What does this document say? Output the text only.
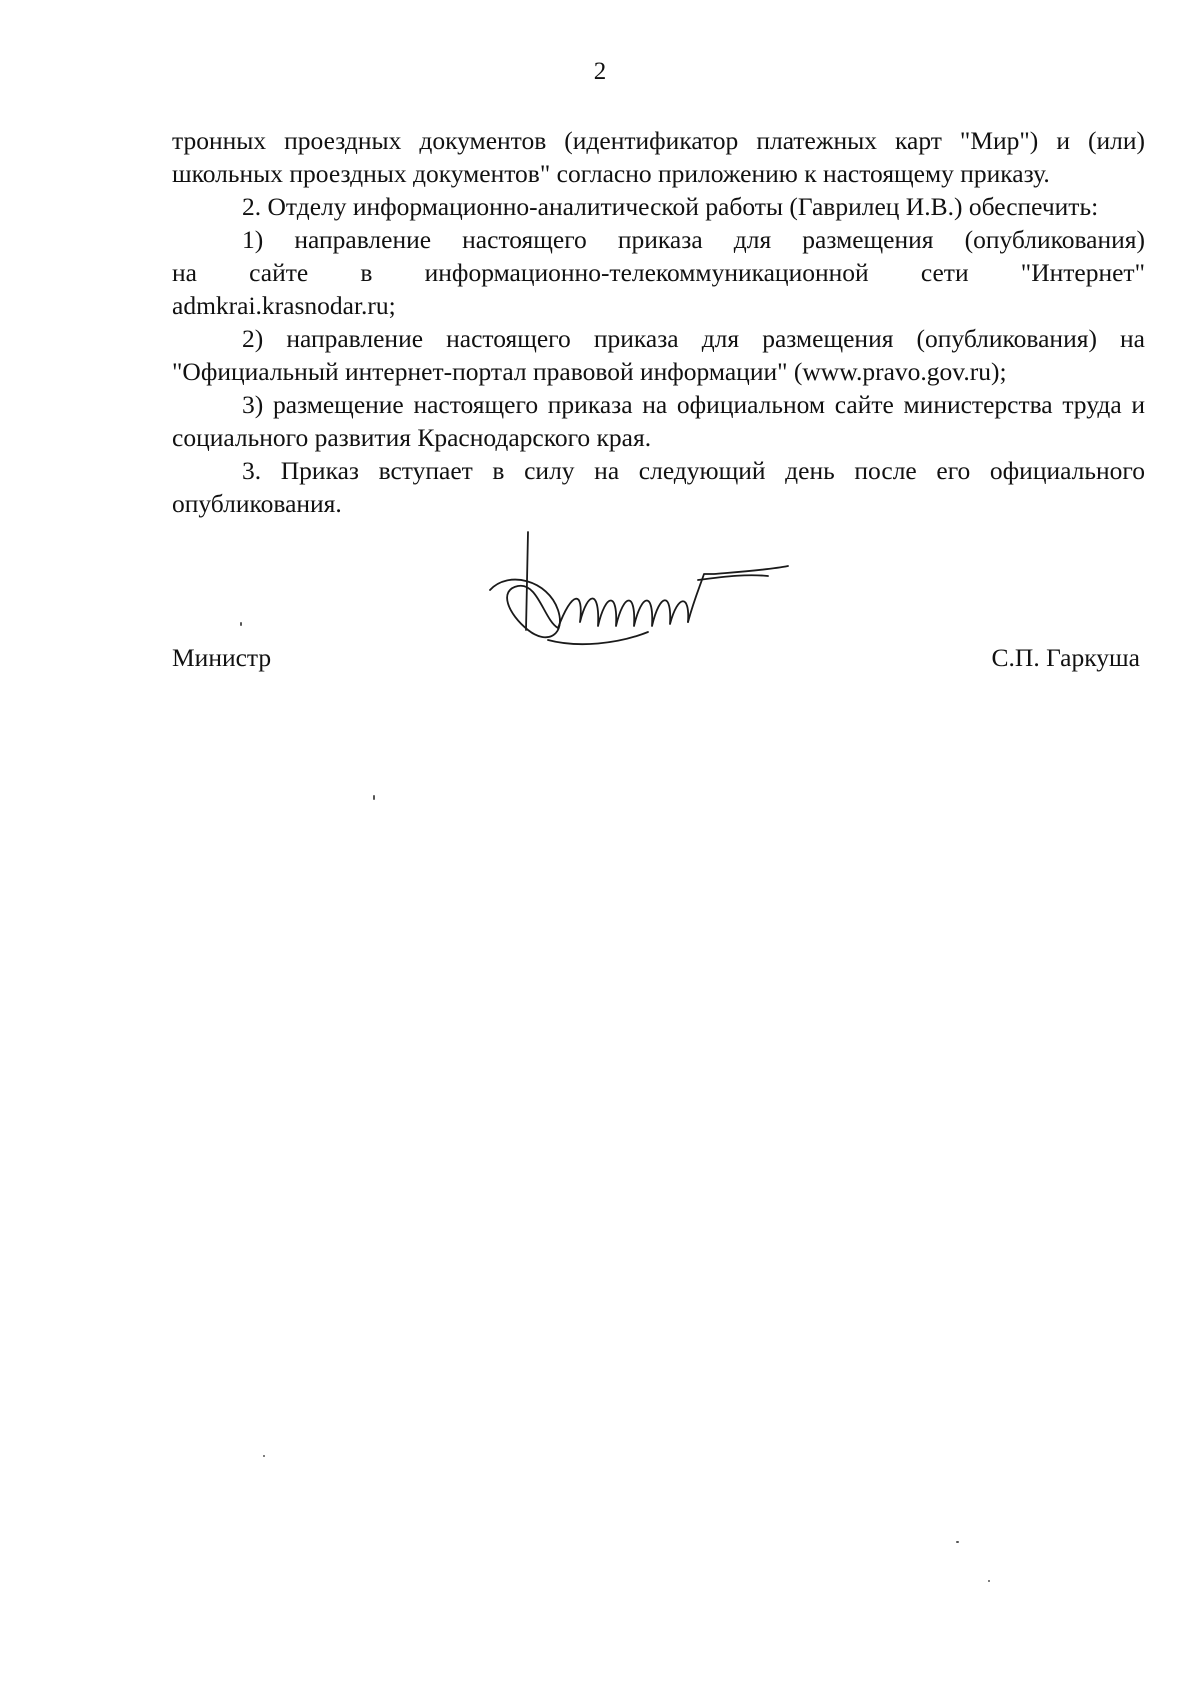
2

тронных проездных документов (идентификатор платежных карт "Мир") и (или) школьных проездных документов" согласно приложению к настоящему приказу.

2. Отделу информационно-аналитической работы (Гаврилец И.В.) обеспечить:

1) направление настоящего приказа для размещения (опубликования)

на сайте в информационно-телекоммуникационной сети "Интернет"

admkrai.krasnodar.ru;

2) направление настоящего приказа для размещения (опубликования) на "Официальный интернет-портал правовой информации" (www.pravo.gov.ru);

3) размещение настоящего приказа на официальном сайте министерства труда и социального развития Краснодарского края.

3. Приказ вступает в силу на следующий день после его официального опубликования.

Министр	С.П. Гаркуша
